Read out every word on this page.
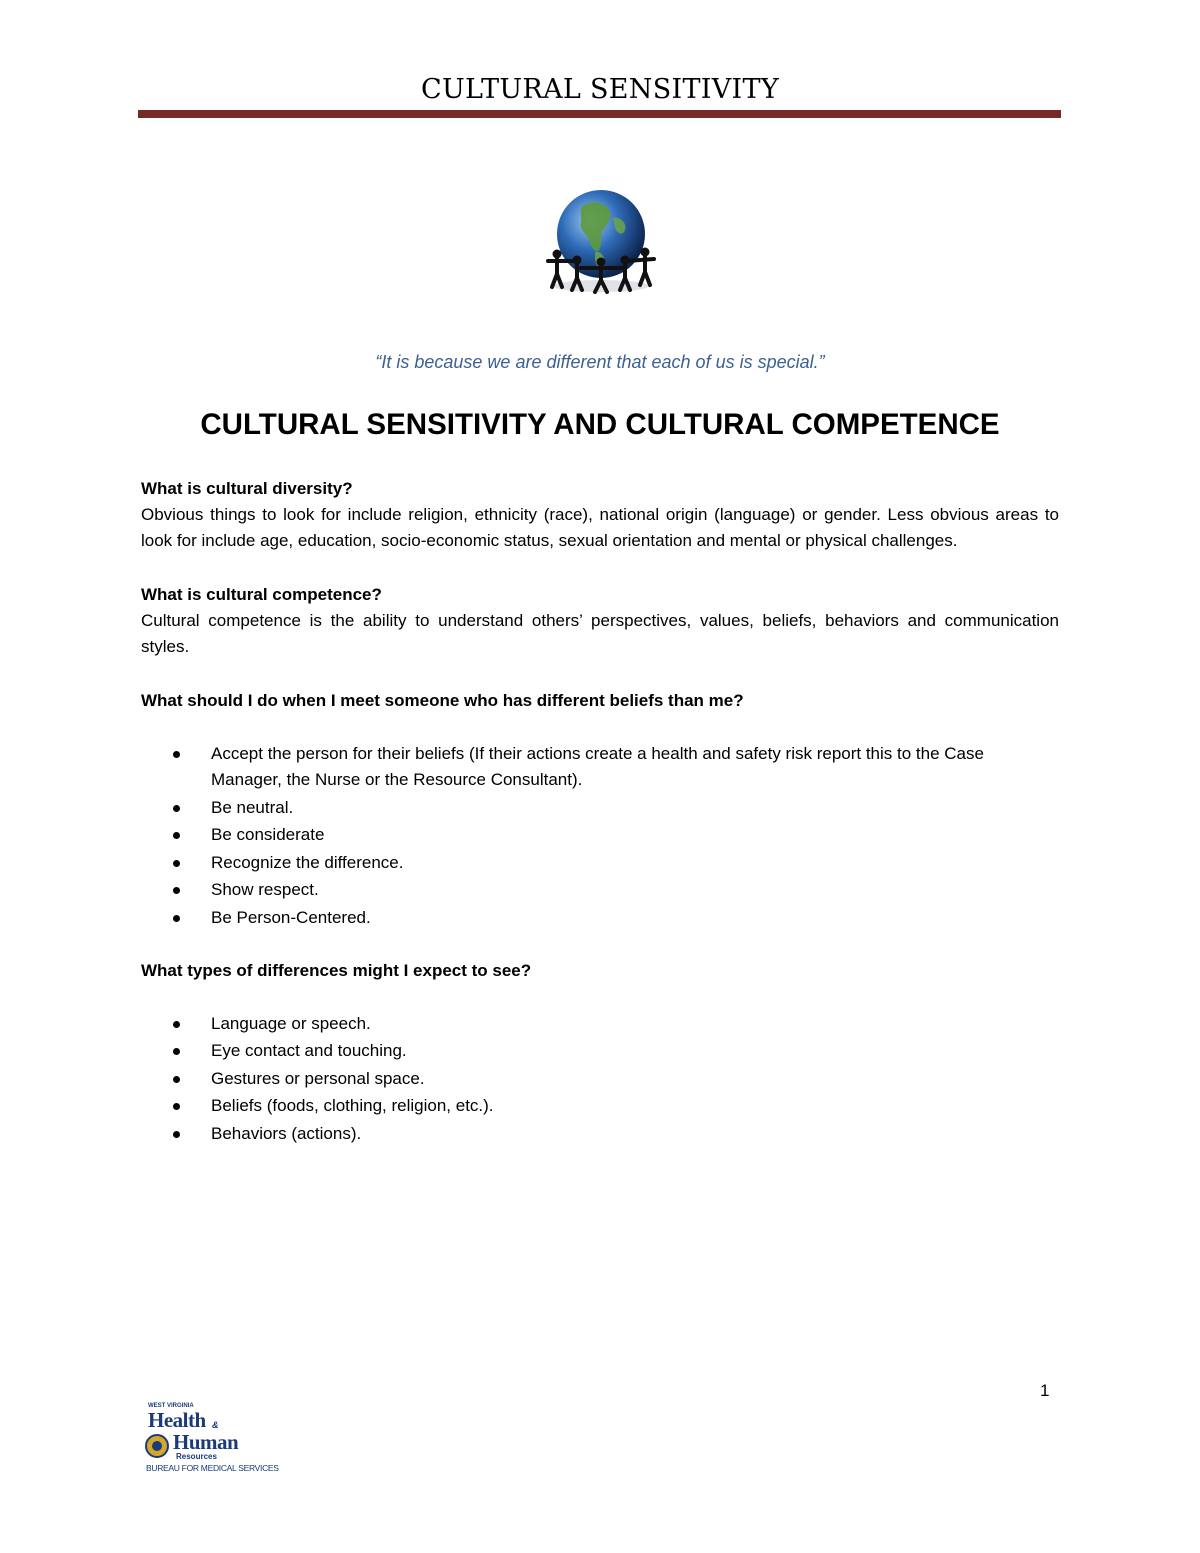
CULTURAL SENSITIVITY
“It is because we are different that each of us is special.”
CULTURAL SENSITIVITY AND CULTURAL COMPETENCE
What is cultural diversity?

Obvious things to look for include religion, ethnicity (race), national origin (language) or gender. Less obvious areas to look for include age, education, socio-economic status, sexual orientation and mental or physical challenges.

What is cultural competence?

Cultural competence is the ability to understand others’ perspectives, values, beliefs, behaviors and communication styles.

What should I do when I meet someone who has different beliefs than me?
Accept the person for their beliefs (If their actions create a health and safety risk report this to the Case Manager, the Nurse or the Resource Consultant).
Be neutral.
Be considerate
Recognize the difference.
Show respect.
Be Person-Centered.
What types of differences might I expect to see?
Language or speech.
Eye contact and touching.
Gestures or personal space.
Beliefs (foods, clothing, religion, etc.).
Behaviors (actions).
1
WEST VIRGINIA
Health &
Human
Resources
BUREAU FOR MEDICAL SERVICES
